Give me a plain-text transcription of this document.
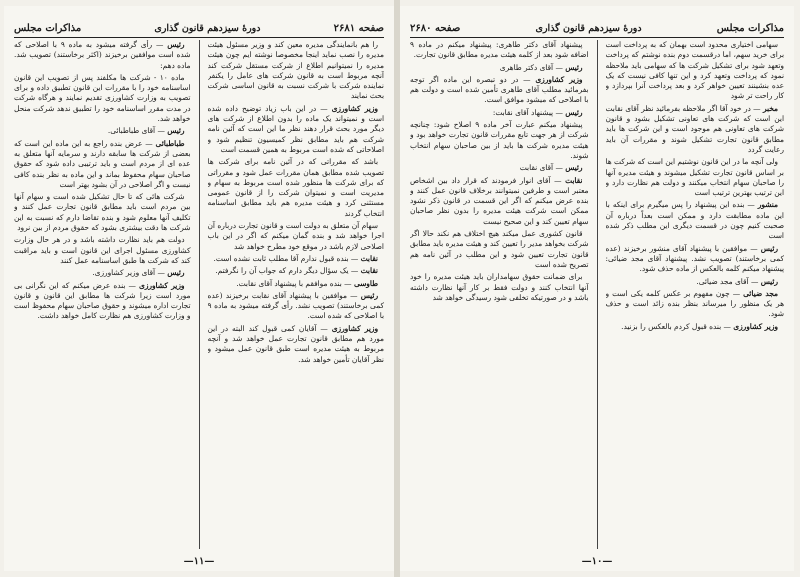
صفحه ۲۶۸۱
دورهٔ سیزدهم قانون گذاری
مذاکرات مجلس

را هم بانمایندگی مدیره معین کند و وزیر مسئول هیئت مدیره را نصب نماید اینجا مخصوصا نوشته ایم چون هیئت مدیره را نمیتوانیم اطلاع از شرکت مستقل شرکت کند آنچه مربوط است به قانون شرکت های عامل را یکنفر نماینده شرکت با شرکت نسبت به قانون اساسی شرکت بحث نمایند

وزیر کشاورزی — در این باب زیاد توضیح داده شده است و نمیتواند یک ماده را بدون اطلاع از شرکت های دیگر مورد بحث قرار دهند نظر ما این است که آئین نامه شرکت هم باید مطابق نظر کمیسیون تنظیم شود و اصلاحاتی که شده است مربوط به همین قسمت است

باشد که مقرراتی که در آئین نامه برای شرکت ها تصویب شده مطابق همان مقررات عمل شود و مقرراتی که برای شرکت ها منظور شده است مربوط به سهام و مدیریت است و نمیتوان شرکت را از قانون عمومی مستثنی کرد و هیئت مدیره هم باید مطابق اساسنامه انتخاب گردند

سهام آن متعلق به دولت است و قانون تجارت درباره آن اجرا خواهد شد و بنده گمان میکنم که اگر در این باب اصلاحی لازم باشد در موقع خود مطرح خواهد شد

نقابت — بنده قبول ندارم آقا مطلب ثابت نشده است.

نقابت — یک سؤال دیگر دارم که جواب آن را نگرفتم.

طاوسی — بنده موافقم با پیشنهاد آقای نقابت.

رئیس — موافقین با پیشنهاد آقای نقابت برخیزند (عده کمی برخاستند) تصویب نشد. رأی گرفته میشود به ماده ۹ با اصلاحی که شده است.

وزیر کشاورزی — آقایان کمی قبول کند البته در این مورد هم مطابق قانون تجارت عمل خواهد شد و آنچه مربوط به هیئت مدیره است طبق قانون عمل میشود و نظر آقایان تأمین خواهد شد.

رئیس — رأی گرفته میشود به ماده ۹ با اصلاحی که شده است موافقین برخیزند (اکثر برخاستند) تصویب شد. ماده دهم:

ماده ۱۰ - شرکت ها مکلفند پس از تصویب این قانون اساسنامه خود را با مقررات این قانون تطبیق داده و برای تصویب به وزارت کشاورزی تقدیم نمایند و هرگاه شرکت در مدت مقرر اساسنامه خود را تطبیق ندهد شرکت منحل خواهد شد.

رئیس — آقای طباطبائی.

طباطبائی — عرض بنده راجع به این ماده این است که بعضی از شرکت ها سابقه دارند و سرمایه آنها متعلق به عده ای از مردم است و باید ترتیبی داده شود که حقوق صاحبان سهام محفوظ بماند و این ماده به نظر بنده کافی نیست و اگر اصلاحی در آن بشود بهتر است

شرکت هائی که تا حال تشکیل شده است و سهام آنها بین مردم است باید مطابق قانون تجارت عمل کنند و تکلیف آنها معلوم شود و بنده تقاضا دارم که نسبت به این شرکت ها دقت بیشتری بشود که حقوق مردم از بین نرود

دولت هم باید نظارت داشته باشد و در هر حال وزارت کشاورزی مسئول اجرای این قانون است و باید مراقبت کند که شرکت ها طبق اساسنامه عمل کنند

رئیس — آقای وزیر کشاورزی.

وزیر کشاورزی — بنده عرض میکنم که این نگرانی بی مورد است زیرا شرکت ها مطابق این قانون و قانون تجارت اداره میشوند و حقوق صاحبان سهام محفوظ است و وزارت کشاورزی هم نظارت کامل خواهد داشت.

—۱۱—
مذاکرات مجلس
دورهٔ سیزدهم قانون گذاری
صفحه ۲۶۸۰

سهامی اختیاری محدود است بهمان که به پرداخت است برای خرید سهم، اما درقسمت دوم بنده نوشتم که پرداخت وتعهد شود برای تشکیل شرکت ها که سهامی باید ملاحظه نمود که پرداخت وتعهد کرد و این تنها کافی نیست که یک عده بنشینند تعیین خواهر کرد و بعد پرداخت آنرا بپردازد و کار راحت تر شود

مخبر — در خود آقا اگر ملاحظه بفرمائید نظر آقای نقابت این است که شرکت های تعاونی تشکیل بشود و قانون شرکت های تعاونی هم موجود است و این شرکت ها باید مطابق قانون تجارت تشکیل شوند و مقررات آن باید رعایت گردد

ولی آنچه ما در این قانون نوشتیم این است که شرکت ها بر اساس قانون تجارت تشکیل میشوند و هیئت مدیره آنها را صاحبان سهام انتخاب میکنند و دولت هم نظارت دارد و این ترتیب بهترین ترتیب است

منشور — بنده این پیشنهاد را پس میگیرم برای اینکه با این ماده مطابقت دارد و ممکن است بعداً درباره آن صحبت کنیم چون در قسمت دیگری این مطلب ذکر شده است

رئیس — موافقین با پیشنهاد آقای منشور برخیزند (عده کمی برخاستند) تصویب نشد. پیشنهاد آقای مجد ضیائی: پیشنهاد میکنم کلمه بالعکس از ماده حذف شود.

رئیس — آقای مجد ضیائی.

مجد ضیائی — چون مفهوم بر عکس کلمه یکی است و هر یک منظور را میرساند بنظر بنده زائد است و حذف شود.

وزیر کشاورزی — بنده قبول کردم بالعکس را بزنید.

پیشنهاد آقای دکتر طاهری: پیشنهاد میکنم در ماده ۹ اضافه شود بعد از کلمه هیئت مدیره مطابق قانون تجارت.

رئیس — آقای دکتر طاهری

وزیر کشاورزی — در دو تبصره این ماده اگر توجه بفرمائید مطلب آقای طاهری تأمین شده است و دولت هم با اصلاحی که میشود موافق است.

رئیس — پیشنهاد آقای نقابت:

پیشنهاد میکنم عبارت آخر ماده ۹ اصلاح شود: چنانچه شرکت از هر جهت تابع مقررات قانون تجارت خواهد بود و هیئت مدیره شرکت ها باید از بین صاحبان سهام انتخاب شوند.

رئیس — آقای نقابت

نقابت — آقای انوار فرمودند که قرار داد بین اشخاص معتبر است و طرفین نمیتوانند برخلاف قانون عمل کنند و بنده عرض میکنم که اگر این قسمت در قانون ذکر نشود ممکن است شرکت هیئت مدیره را بدون نظر صاحبان سهام تعیین کند و این صحیح نیست

قانون کشوری عمل میکند هیچ اختلاف هم نکند حالا اگر شرکت بخواهد مدیر را تعیین کند و هیئت مدیره باید مطابق قانون تجارت تعیین شود و این مطلب در آئین نامه هم تصریح شده است

برای ضمانت حقوق سهامداران باید هیئت مدیره را خود آنها انتخاب کنند و دولت فقط بر کار آنها نظارت داشته باشد و در صورتیکه تخلفی شود رسیدگی خواهد شد

—۱۰—
